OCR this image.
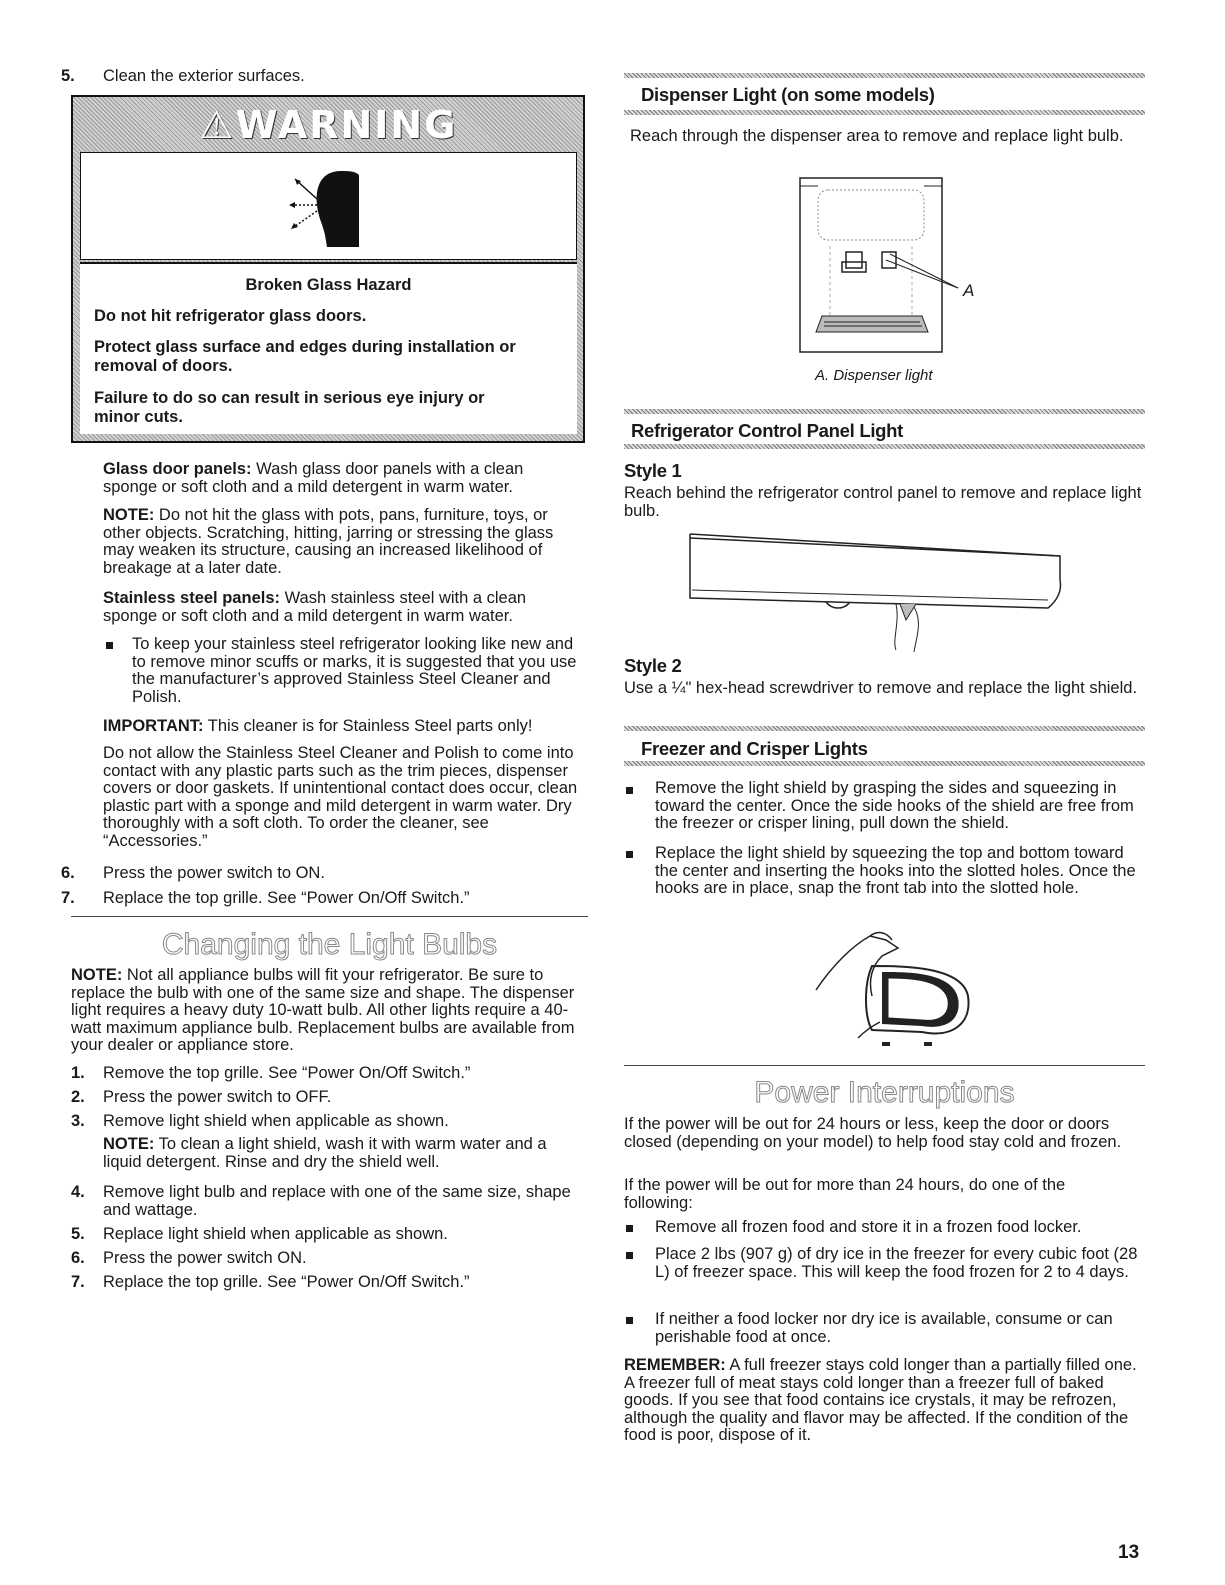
5. Clean the exterior surfaces.
⚠WARNING

Broken Glass Hazard

Do not hit refrigerator glass doors.

Protect glass surface and edges during installation or removal of doors.

Failure to do so can result in serious eye injury or minor cuts.

Glass door panels: Wash glass door panels with a clean sponge or soft cloth and a mild detergent in warm water.

NOTE: Do not hit the glass with pots, pans, furniture, toys, or other objects. Scratching, hitting, jarring or stressing the glass may weaken its structure, causing an increased likelihood of breakage at a later date.

Stainless steel panels: Wash stainless steel with a clean sponge or soft cloth and a mild detergent in warm water.

To keep your stainless steel refrigerator looking like new and to remove minor scuffs or marks, it is suggested that you use the manufacturer’s approved Stainless Steel Cleaner and Polish.

IMPORTANT: This cleaner is for Stainless Steel parts only!

Do not allow the Stainless Steel Cleaner and Polish to come into contact with any plastic parts such as the trim pieces, dispenser covers or door gaskets. If unintentional contact does occur, clean plastic part with a sponge and mild detergent in warm water. Dry thoroughly with a soft cloth. To order the cleaner, see “Accessories.”

6. Press the power switch to ON.
7. Replace the top grille. See “Power On/Off Switch.”
Changing the Light Bulbs

NOTE: Not all appliance bulbs will fit your refrigerator. Be sure to replace the bulb with one of the same size and shape. The dispenser light requires a heavy duty 10-watt bulb. All other lights require a 40-watt maximum appliance bulb. Replacement bulbs are available from your dealer or appliance store.

1. Remove the top grille. See “Power On/Off Switch.”
2. Press the power switch to OFF.
3. Remove light shield when applicable as shown.

NOTE: To clean a light shield, wash it with warm water and a liquid detergent. Rinse and dry the shield well.

4. Remove light bulb and replace with one of the same size, shape and wattage.

5. Replace light shield when applicable as shown.
6. Press the power switch ON.
7. Replace the top grille. See “Power On/Off Switch.”
Dispenser Light (on some models)

Reach through the dispenser area to remove and replace light bulb.

A
A. Dispenser light
Refrigerator Control Panel Light
Style 1

Reach behind the refrigerator control panel to remove and replace light bulb.

Style 2

Use a ¼" hex-head screwdriver to remove and replace the light shield.

Freezer and Crisper Lights

Remove the light shield by grasping the sides and squeezing in toward the center. Once the side hooks of the shield are free from the freezer or crisper lining, pull down the shield.

Replace the light shield by squeezing the top and bottom toward the center and inserting the hooks into the slotted holes. Once the hooks are in place, snap the front tab into the slotted hole.

Power Interruptions

If the power will be out for 24 hours or less, keep the door or doors closed (depending on your model) to help food stay cold and frozen.

If the power will be out for more than 24 hours, do one of the following:

Remove all frozen food and store it in a frozen food locker.

Place 2 lbs (907 g) of dry ice in the freezer for every cubic foot (28 L) of freezer space. This will keep the food frozen for 2 to 4 days.

If neither a food locker nor dry ice is available, consume or can perishable food at once.

REMEMBER: A full freezer stays cold longer than a partially filled one. A freezer full of meat stays cold longer than a freezer full of baked goods. If you see that food contains ice crystals, it may be refrozen, although the quality and flavor may be affected. If the condition of the food is poor, dispose of it.

13
